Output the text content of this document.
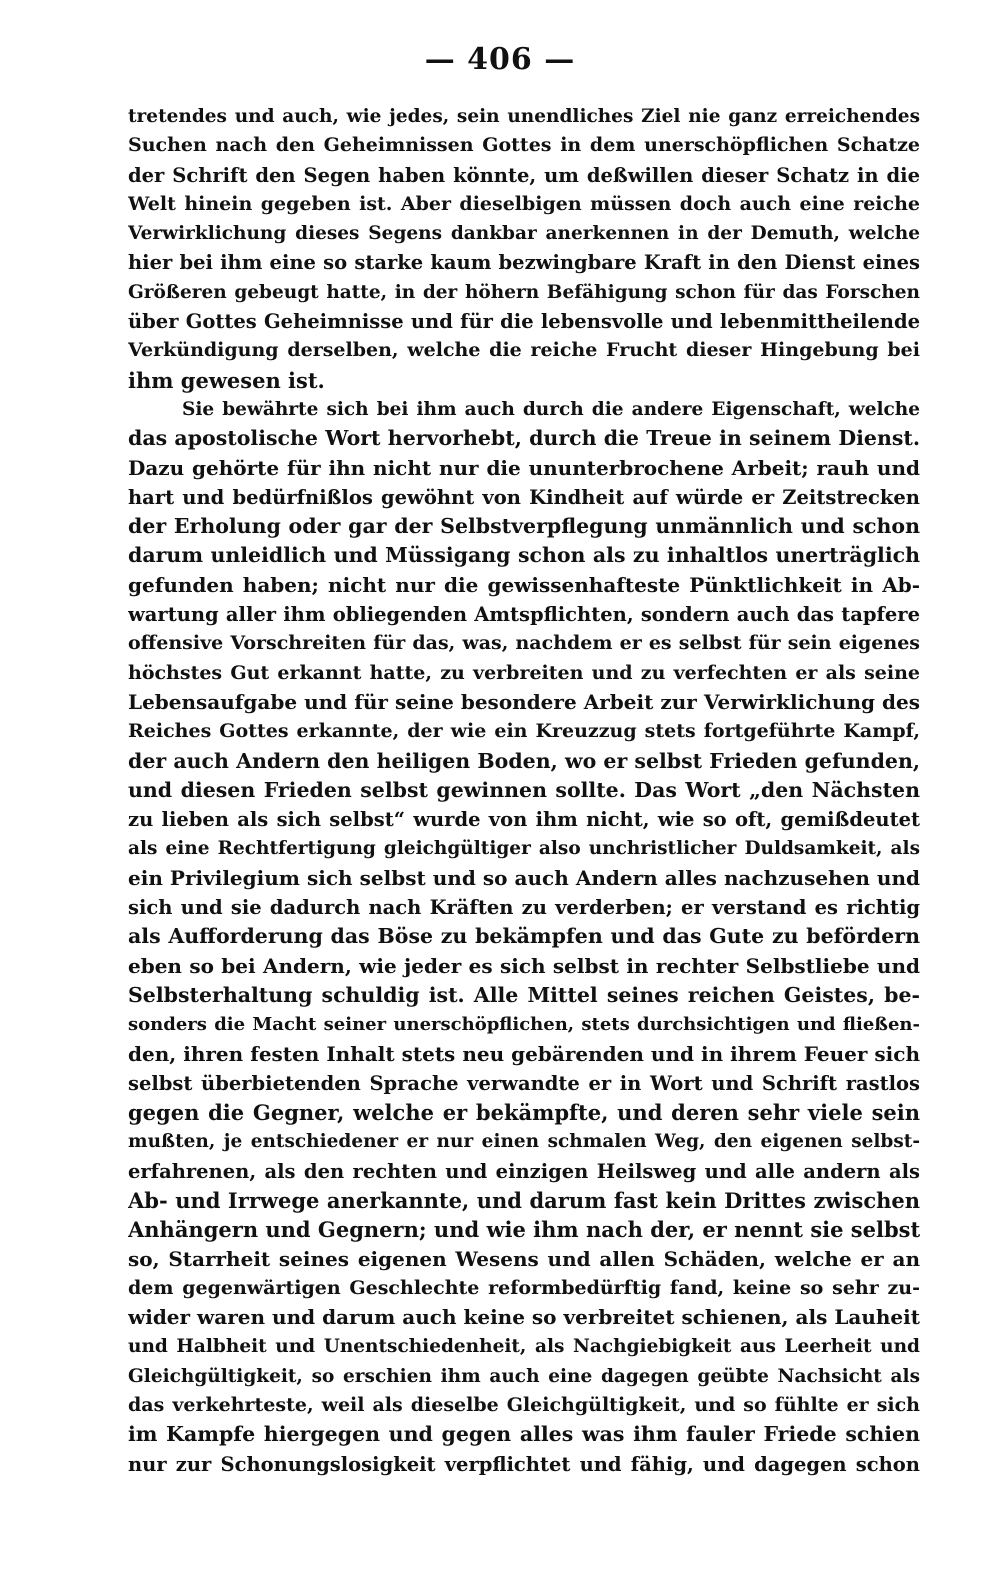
— 406 —
tretendes und auch, wie jedes, sein unendliches Ziel nie ganz erreichendes
Suchen nach den Geheimnissen Gottes in dem unerschöpflichen Schatze
der Schrift den Segen haben könnte, um deßwillen dieser Schatz in die
Welt hinein gegeben ist. Aber dieselbigen müssen doch auch eine reiche
Verwirklichung dieses Segens dankbar anerkennen in der Demuth, welche
hier bei ihm eine so starke kaum bezwingbare Kraft in den Dienst eines
Größeren gebeugt hatte, in der höhern Befähigung schon für das Forschen
über Gottes Geheimnisse und für die lebensvolle und lebenmittheilende
Verkündigung derselben, welche die reiche Frucht dieser Hingebung bei
ihm gewesen ist.
Sie bewährte sich bei ihm auch durch die andere Eigenschaft, welche
das apostolische Wort hervorhebt, durch die Treue in seinem Dienst.
Dazu gehörte für ihn nicht nur die ununterbrochene Arbeit; rauh und
hart und bedürfnißlos gewöhnt von Kindheit auf würde er Zeitstrecken
der Erholung oder gar der Selbstverpflegung unmännlich und schon
darum unleidlich und Müssigang schon als zu inhaltlos unerträglich
gefunden haben; nicht nur die gewissenhafteste Pünktlichkeit in Ab-
wartung aller ihm obliegenden Amtspflichten, sondern auch das tapfere
offensive Vorschreiten für das, was, nachdem er es selbst für sein eigenes
höchstes Gut erkannt hatte, zu verbreiten und zu verfechten er als seine
Lebensaufgabe und für seine besondere Arbeit zur Verwirklichung des
Reiches Gottes erkannte, der wie ein Kreuzzug stets fortgeführte Kampf,
der auch Andern den heiligen Boden, wo er selbst Frieden gefunden,
und diesen Frieden selbst gewinnen sollte. Das Wort „den Nächsten
zu lieben als sich selbst“ wurde von ihm nicht, wie so oft, gemißdeutet
als eine Rechtfertigung gleichgültiger also unchristlicher Duldsamkeit, als
ein Privilegium sich selbst und so auch Andern alles nachzusehen und
sich und sie dadurch nach Kräften zu verderben; er verstand es richtig
als Aufforderung das Böse zu bekämpfen und das Gute zu befördern
eben so bei Andern, wie jeder es sich selbst in rechter Selbstliebe und
Selbsterhaltung schuldig ist. Alle Mittel seines reichen Geistes, be-
sonders die Macht seiner unerschöpflichen, stets durchsichtigen und fließen-
den, ihren festen Inhalt stets neu gebärenden und in ihrem Feuer sich
selbst überbietenden Sprache verwandte er in Wort und Schrift rastlos
gegen die Gegner, welche er bekämpfte, und deren sehr viele sein
mußten, je entschiedener er nur einen schmalen Weg, den eigenen selbst-
erfahrenen, als den rechten und einzigen Heilsweg und alle andern als
Ab- und Irrwege anerkannte, und darum fast kein Drittes zwischen
Anhängern und Gegnern; und wie ihm nach der, er nennt sie selbst
so, Starrheit seines eigenen Wesens und allen Schäden, welche er an
dem gegenwärtigen Geschlechte reformbedürftig fand, keine so sehr zu-
wider waren und darum auch keine so verbreitet schienen, als Lauheit
und Halbheit und Unentschiedenheit, als Nachgiebigkeit aus Leerheit und
Gleichgültigkeit, so erschien ihm auch eine dagegen geübte Nachsicht als
das verkehrteste, weil als dieselbe Gleichgültigkeit, und so fühlte er sich
im Kampfe hiergegen und gegen alles was ihm fauler Friede schien
nur zur Schonungslosigkeit verpflichtet und fähig, und dagegen schon
